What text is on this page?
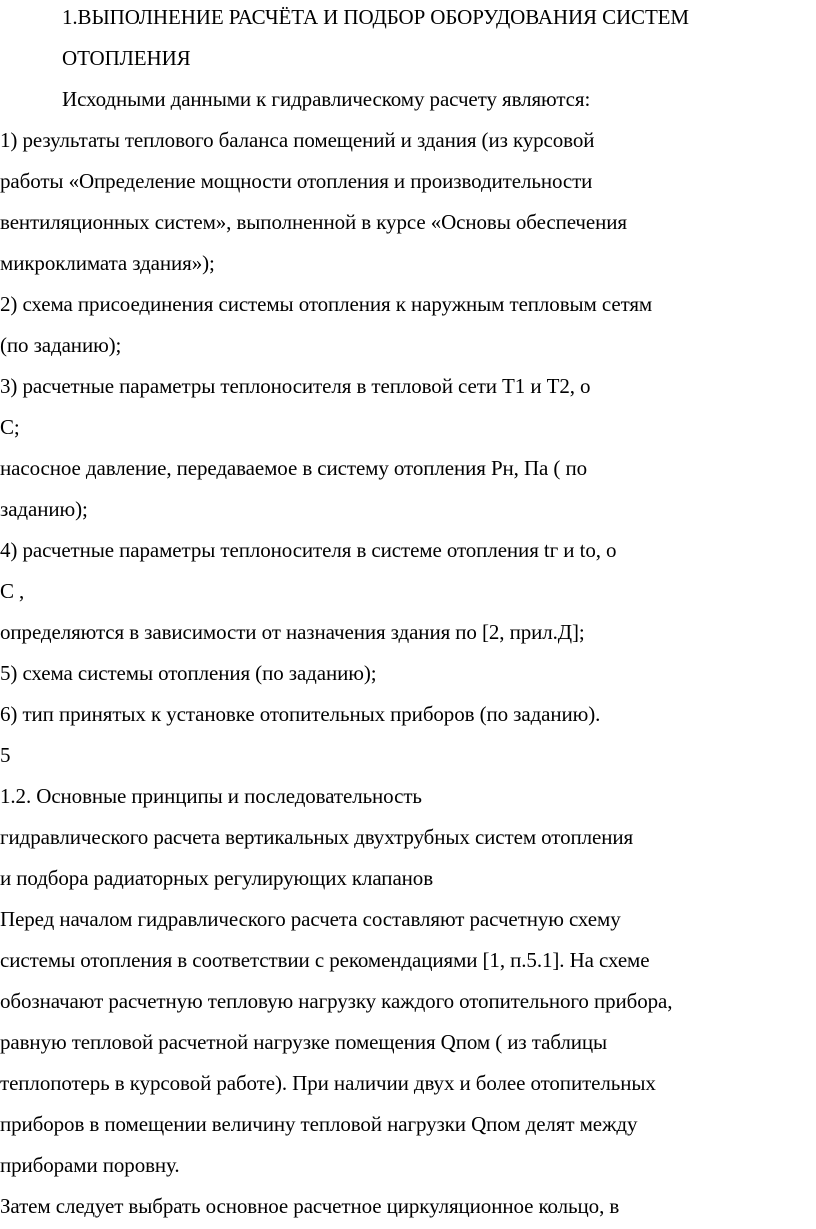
1.ВЫПОЛНЕНИЕ РАСЧЁТА И ПОДБОР ОБОРУДОВАНИЯ СИСТЕМ
ОТОПЛЕНИЯ
Исходными данными к гидравлическому расчету являются:
1) результаты теплового баланса помещений и здания (из курсовой
работы «Определение мощности отопления и производительности
вентиляционных систем», выполненной в курсе «Основы обеспечения
микроклимата здания»);
2) схема присоединения системы отопления к наружным тепловым сетям
(по заданию);
3) расчетные параметры теплоносителя в тепловой сети Т1 и Т2, о
С;
насосное давление, передаваемое в систему отопления Рн, Па ( по
заданию);
4) расчетные параметры теплоносителя в системе отопления tг и tо, о
С ,
определяются в зависимости от назначения здания по [2, прил.Д];
5) схема системы отопления (по заданию);
6) тип принятых к установке отопительных приборов (по заданию).
5
1.2. Основные принципы и последовательность
гидравлического расчета вертикальных двухтрубных систем отопления
и подбора радиаторных регулирующих клапанов
Перед началом гидравлического расчета составляют расчетную схему
системы отопления в соответствии с рекомендациями [1, п.5.1]. На схеме
обозначают расчетную тепловую нагрузку каждого отопительного прибора,
равную тепловой расчетной нагрузке помещения Qпом ( из таблицы
теплопотерь в курсовой работе). При наличии двух и более отопительных
приборов в помещении величину тепловой нагрузки Qпом делят между
приборами поровну.
Затем следует выбрать основное расчетное циркуляционное кольцо, в
